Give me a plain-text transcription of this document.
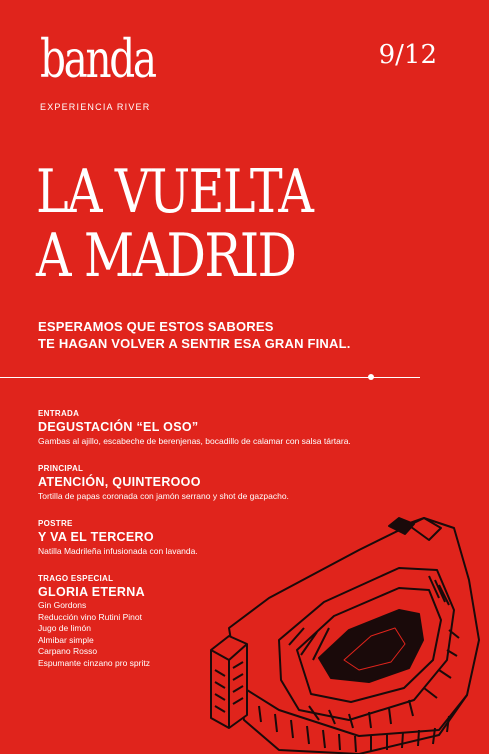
banda
EXPERIENCIA RIVER
9/12
LA VUELTA
A MADRID
ESPERAMOS QUE ESTOS SABORES
TE HAGAN VOLVER A SENTIR ESA GRAN FINAL.
ENTRADA
DEGUSTACIÓN “EL OSO”
Gambas al ajillo, escabeche de berenjenas, bocadillo de calamar con salsa tártara.
PRINCIPAL
ATENCIÓN, QUINTEROOO
Tortilla de papas coronada con jamón serrano y shot de gazpacho.
POSTRE
Y VA EL TERCERO
Natilla Madrileña infusionada con lavanda.
TRAGO ESPECIAL
GLORIA ETERNA
Gin Gordons
Reducción vino Rutini Pinot
Jugo de limón
Almibar simple
Carpano Rosso
Espumante cinzano pro spritz
